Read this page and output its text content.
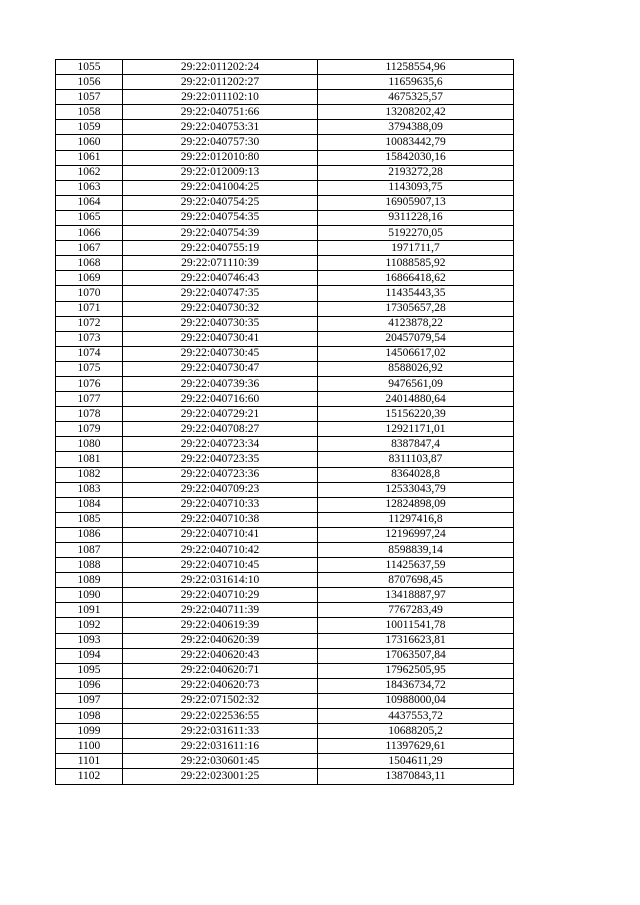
1055	29:22:011202:24	11258554,96
1056	29:22:011202:27	11659635,6
1057	29:22:011102:10	4675325,57
1058	29:22:040751:66	13208202,42
1059	29:22:040753:31	3794388,09
1060	29:22:040757:30	10083442,79
1061	29:22:012010:80	15842030,16
1062	29:22:012009:13	2193272,28
1063	29:22:041004:25	1143093,75
1064	29:22:040754:25	16905907,13
1065	29:22:040754:35	9311228,16
1066	29:22:040754:39	5192270,05
1067	29:22:040755:19	1971711,7
1068	29:22:071110:39	11088585,92
1069	29:22:040746:43	16866418,62
1070	29:22:040747:35	11435443,35
1071	29:22:040730:32	17305657,28
1072	29:22:040730:35	4123878,22
1073	29:22:040730:41	20457079,54
1074	29:22:040730:45	14506617,02
1075	29:22:040730:47	8588026,92
1076	29:22:040739:36	9476561,09
1077	29:22:040716:60	24014880,64
1078	29:22:040729:21	15156220,39
1079	29:22:040708:27	12921171,01
1080	29:22:040723:34	8387847,4
1081	29:22:040723:35	8311103,87
1082	29:22:040723:36	8364028,8
1083	29:22:040709:23	12533043,79
1084	29:22:040710:33	12824898,09
1085	29:22:040710:38	11297416,8
1086	29:22:040710:41	12196997,24
1087	29:22:040710:42	8598839,14
1088	29:22:040710:45	11425637,59
1089	29:22:031614:10	8707698,45
1090	29:22:040710:29	13418887,97
1091	29:22:040711:39	7767283,49
1092	29:22:040619:39	10011541,78
1093	29:22:040620:39	17316623,81
1094	29:22:040620:43	17063507,84
1095	29:22:040620:71	17962505,95
1096	29:22:040620:73	18436734,72
1097	29:22:071502:32	10988000,04
1098	29:22:022536:55	4437553,72
1099	29:22:031611:33	10688205,2
1100	29:22:031611:16	11397629,61
1101	29:22:030601:45	1504611,29
1102	29:22:023001:25	13870843,11
